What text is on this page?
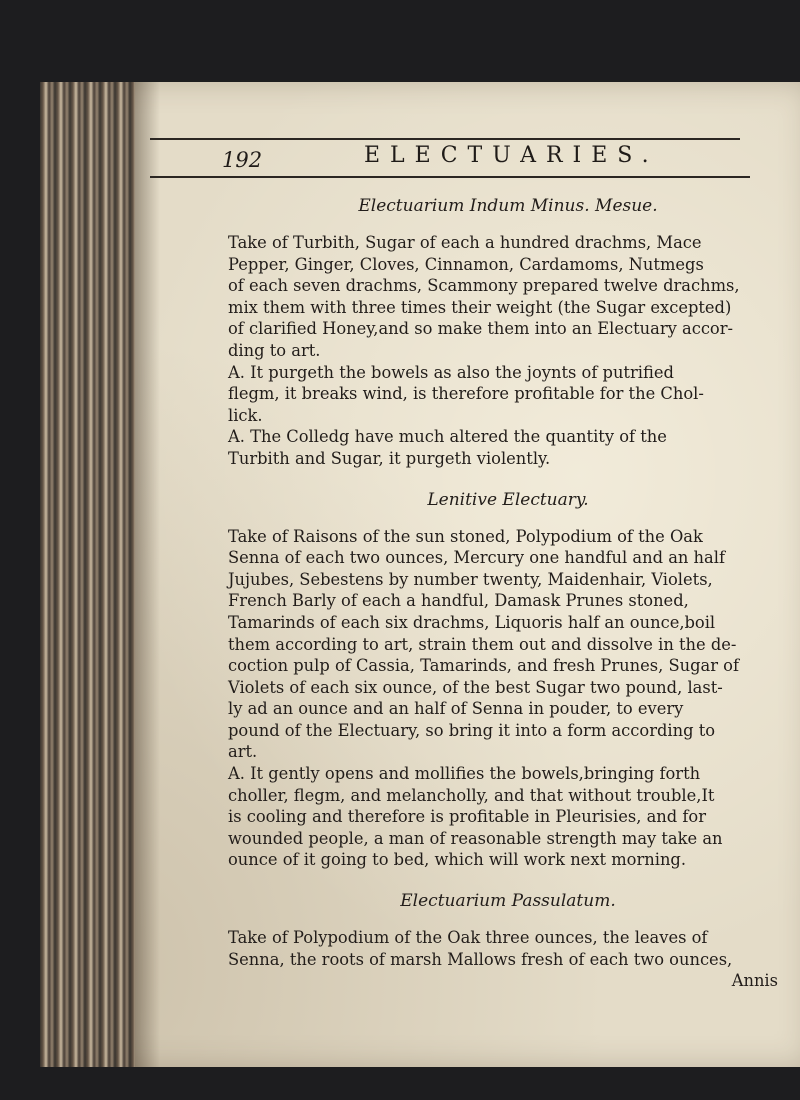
192	ELECTUARIES.
Electuarium Indum Minus. Mesue.
Take of Turbith, Sugar of each a hundred drachms, Mace
Pepper, Ginger, Cloves, Cinnamon, Cardamoms, Nutmegs
of each seven drachms, Scammony prepared twelve drachms,
mix them with three times their weight (the Sugar excepted)
of clarified Honey,and so make them into an Electuary accor-
ding to art.
A. It purgeth the bowels as also the joynts of putrified
flegm, it breaks wind, is therefore profitable for the Chol-
lick.
A. The Colledg have much altered the quantity of the
Turbith and Sugar, it purgeth violently.
Lenitive Electuary.
Take of Raisons of the sun stoned, Polypodium of the Oak
Senna of each two ounces, Mercury one handful and an half
Jujubes, Sebestens by number twenty, Maidenhair, Violets,
French Barly of each a handful, Damask Prunes stoned,
Tamarinds of each six drachms, Liquoris half an ounce,boil
them according to art, strain them out and dissolve in the de-
coction pulp of Cassia, Tamarinds, and fresh Prunes, Sugar of
Violets of each six ounce, of the best Sugar two pound, last-
ly ad an ounce and an half of Senna in pouder, to every
pound of the Electuary, so bring it into a form according to
art.
A. It gently opens and mollifies the bowels,bringing forth
choller, flegm, and melancholly, and that without trouble,It
is cooling and therefore is profitable in Pleurisies, and for
wounded people, a man of reasonable strength may take an
ounce of it going to bed, which will work next morning.
Electuarium Passulatum.
Take of Polypodium of the Oak three ounces, the leaves of
Senna, the roots of marsh Mallows fresh of each two ounces,
Annis
